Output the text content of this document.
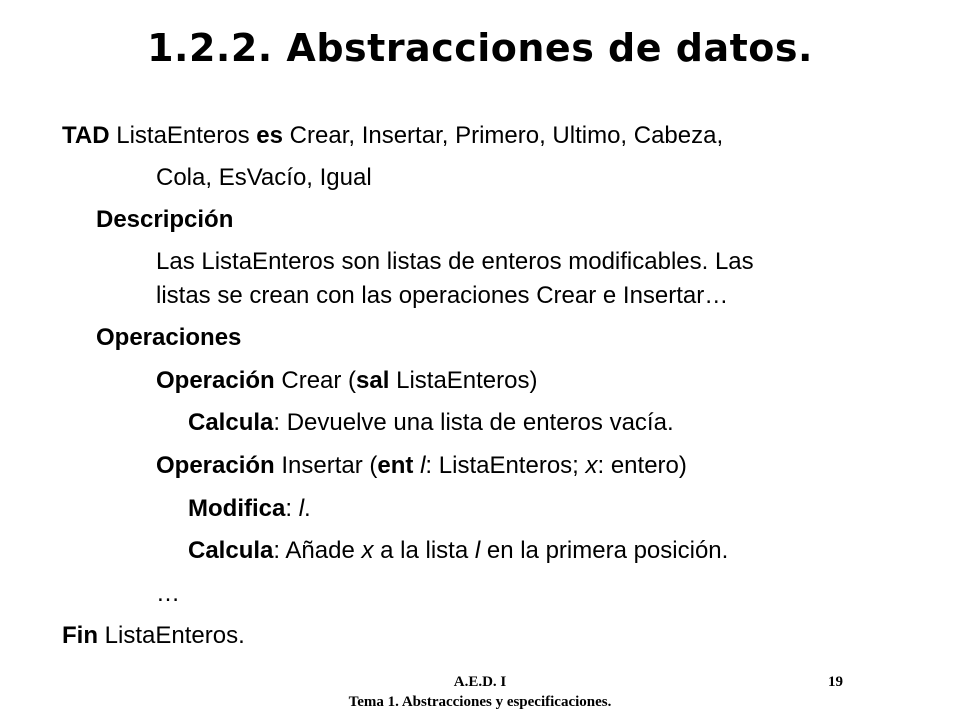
1.2.2. Abstracciones de datos.
TAD ListaEnteros es Crear, Insertar, Primero, Ultimo, Cabeza,
Cola, EsVacío, Igual
Descripción
Las ListaEnteros son listas de enteros modificables. Las
listas se crean con las operaciones Crear e Insertar…
Operaciones
Operación Crear (sal ListaEnteros)
Calcula: Devuelve una lista de enteros vacía.
Operación Insertar (ent l: ListaEnteros; x: entero)
Modifica: l.
Calcula: Añade x a la lista l en la primera posición.
…
Fin ListaEnteros.
A.E.D. I
Tema 1. Abstracciones y especificaciones.
19
